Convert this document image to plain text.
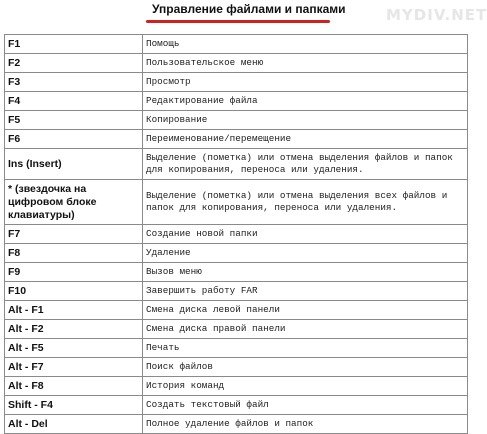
Управление файлами и папками	MYDIV.NET
F1	Помощь
F2	Пользовательское меню
F3	Просмотр
F4	Редактирование файла
F5	Копирование
F6	Переименование/перемещение
Ins (Insert)	Выделение (пометка) или отмена выделения файлов и папок для копирования, переноса или удаления.
* (звездочка на цифровом блоке клавиатуры)	Выделение (пометка) или отмена выделения всех файлов и папок для копирования, переноса или удаления.
F7	Создание новой папки
F8	Удаление
F9	Вызов меню
F10	Завершить работу FAR
Alt - F1	Смена диска левой панели
Alt - F2	Смена диска правой панели
Alt - F5	Печать
Alt - F7	Поиск файлов
Alt - F8	История команд
Shift - F4	Создать текстовый файл
Alt - Del	Полное удаление файлов и папок
